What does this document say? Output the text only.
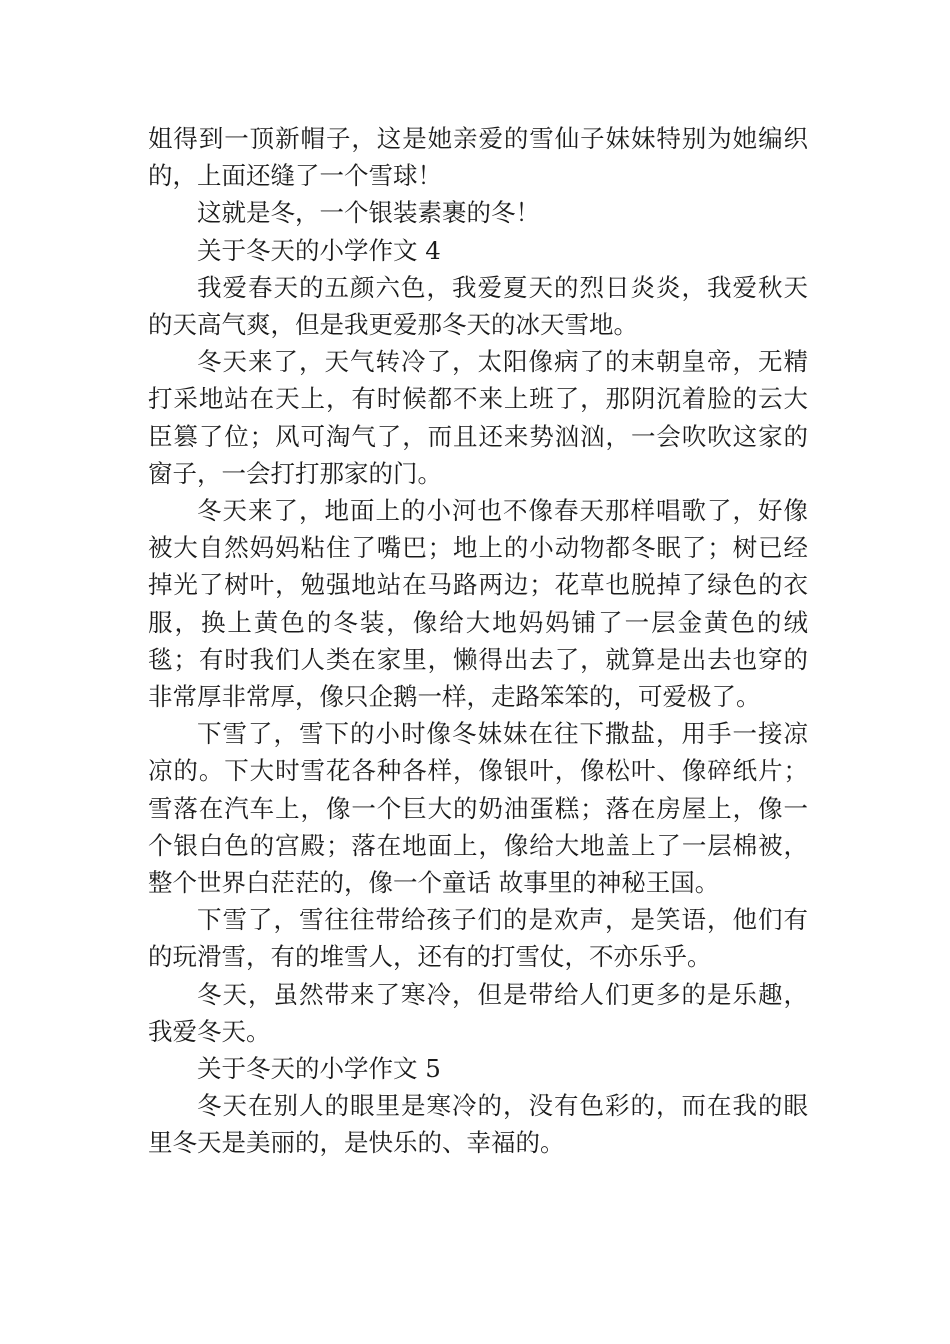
姐得到一顶新帽子，这是她亲爱的雪仙子妹妹特别为她编织的，上面还缝了一个雪球！

这就是冬，一个银装素裹的冬！

关于冬天的小学作文 4

我爱春天的五颜六色，我爱夏天的烈日炎炎，我爱秋天的天高气爽，但是我更爱那冬天的冰天雪地。

冬天来了，天气转冷了，太阳像病了的末朝皇帝，无精打采地站在天上，有时候都不来上班了，那阴沉着脸的云大臣篡了位；风可淘气了，而且还来势汹汹，一会吹吹这家的窗子，一会打打那家的门。

冬天来了，地面上的小河也不像春天那样唱歌了，好像被大自然妈妈粘住了嘴巴；地上的小动物都冬眠了；树已经掉光了树叶，勉强地站在马路两边；花草也脱掉了绿色的衣服，换上黄色的冬装，像给大地妈妈铺了一层金黄色的绒毯；有时我们人类在家里，懒得出去了，就算是出去也穿的非常厚非常厚，像只企鹅一样，走路笨笨的，可爱极了。

下雪了，雪下的小时像冬妹妹在往下撒盐，用手一接凉凉的。下大时雪花各种各样，像银叶，像松叶、像碎纸片；雪落在汽车上，像一个巨大的奶油蛋糕；落在房屋上，像一个银白色的宫殿；落在地面上，像给大地盖上了一层棉被，整个世界白茫茫的，像一个童话 故事里的神秘王国。

下雪了，雪往往带给孩子们的是欢声，是笑语，他们有的玩滑雪，有的堆雪人，还有的打雪仗，不亦乐乎。

冬天，虽然带来了寒冷，但是带给人们更多的是乐趣，我爱冬天。

关于冬天的小学作文 5

冬天在别人的眼里是寒冷的，没有色彩的，而在我的眼里冬天是美丽的，是快乐的、幸福的。
